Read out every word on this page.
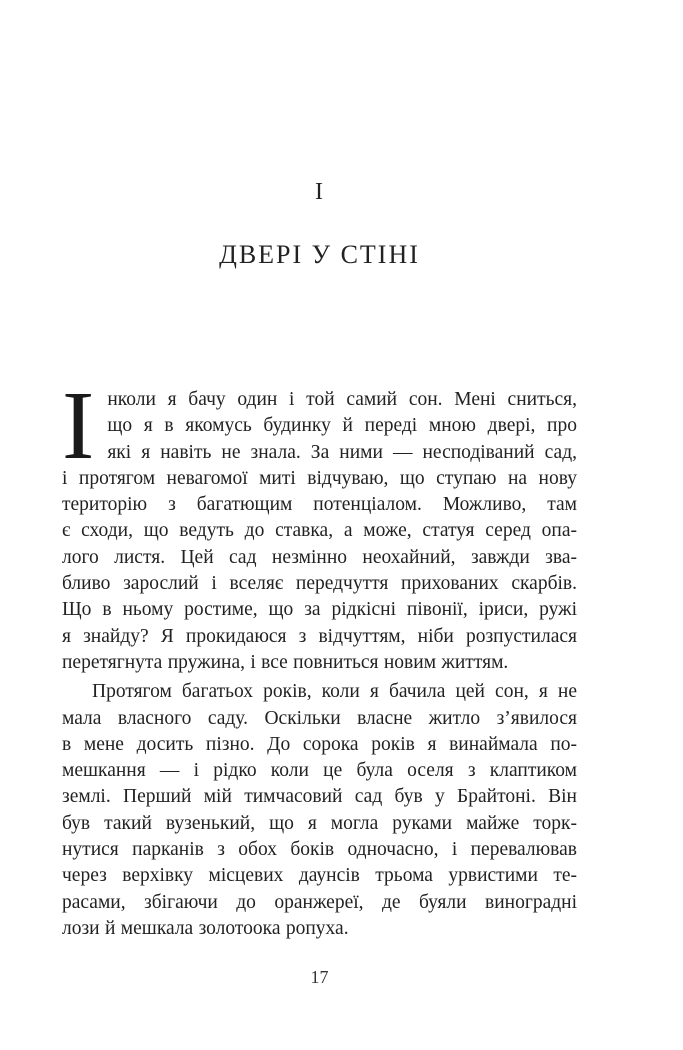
І
ДВЕРІ У СТІНІ
І нколи я бачу один і той самий сон. Мені сниться,
що я в якомусь будинку й переді мною двері, про
які я навіть не знала. За ними — несподіваний сад,
і протягом невагомої миті відчуваю, що ступаю на нову
територію з багатющим потенціалом. Можливо, там
є сходи, що ведуть до ставка, а може, статуя серед опа-
лого листя. Цей сад незмінно неохайний, завжди зва-
бливо зарослий і вселяє передчуття прихованих скарбів.
Що в ньому ростиме, що за рідкісні півонії, іриси, ружі
я знайду? Я прокидаюся з відчуттям, ніби розпустилася
перетягнута пружина, і все повниться новим життям.
Протягом багатьох років, коли я бачила цей сон, я не
мала власного саду. Оскільки власне житло з’явилося
в мене досить пізно. До сорока років я винаймала по-
мешкання — і рідко коли це була оселя з клаптиком
землі. Перший мій тимчасовий сад був у Брайтоні. Він
був такий вузенький, що я могла руками майже торк-
нутися парканів з обох боків одночасно, і перевалював
через верхівку місцевих даунсів трьома урвистими те-
расами, збігаючи до оранжереї, де буяли виноградні
лози й мешкала золотоока ропуха.
17
